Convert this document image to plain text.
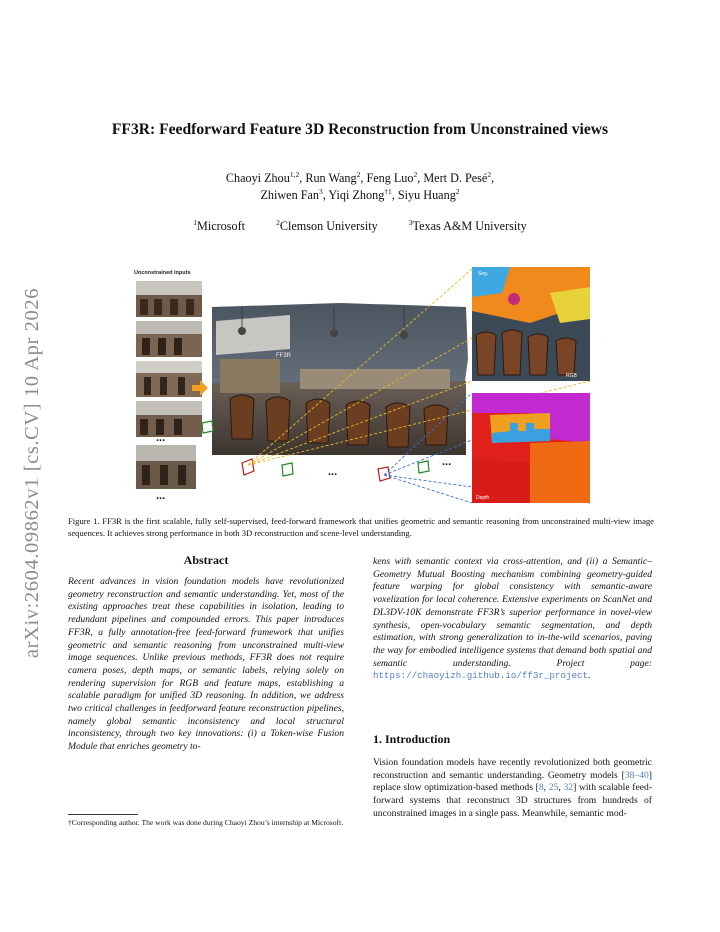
arXiv:2604.09862v1 [cs.CV] 10 Apr 2026
FF3R: Feedforward Feature 3D Reconstruction from Unconstrained views
Chaoyi Zhou$^{1,2}$, Run Wang$^2$, Feng Luo$^2$, Mert D. Pesé$^2$,
Zhiwen Fan$^3$, Yiqi Zhong$^{\dagger 1}$, Siyu Huang$^2$
$^1$Microsoft	$^2$Clemson University	$^3$Texas A&M University
Unconstrained inputs
...
...
FF3R
...
...
Seg.
RGB
Depth
Figure 1. FF3R is the first scalable, fully self-supervised, feed-forward framework that unifies geometric and semantic reasoning from unconstrained multi-view image sequences. It achieves strong performance in both 3D reconstruction and scene-level understanding.
Abstract

Recent advances in vision foundation models have revolutionized geometry reconstruction and semantic understanding. Yet, most of the existing approaches treat these capabilities in isolation, leading to redundant pipelines and compounded errors. This paper introduces FF3R, a fully annotation-free feed-forward framework that unifies geometric and semantic reasoning from unconstrained multi-view image sequences. Unlike previous methods, FF3R does not require camera poses, depth maps, or semantic labels, relying solely on rendering supervision for RGB and feature maps, establishing a scalable paradigm for unified 3D reasoning. In addition, we address two critical challenges in feedforward feature reconstruction pipelines, namely global semantic inconsistency and local structural inconsistency, through two key innovations: (i) a Token-wise Fusion Module that enriches geometry to-

kens with semantic context via cross-attention, and (ii) a Semantic–Geometry Mutual Boosting mechanism combining geometry-guided feature warping for global consistency with semantic-aware voxelization for local coherence. Extensive experiments on ScanNet and DL3DV-10K demonstrate FF3R’s superior performance in novel-view synthesis, open-vocabulary semantic segmentation, and depth estimation, with strong generalization to in-the-wild scenarios, paving the way for embodied intelligence systems that demand both spatial and semantic understanding. Project page: https://chaoyizh.github.io/ff3r_project.

1. Introduction

Vision foundation models have recently revolutionized both geometric reconstruction and semantic understanding. Geometry models [38–40] replace slow optimization-based methods [8, 25, 32] with scalable feed-forward systems that reconstruct 3D structures from hundreds of unconstrained images in a single pass. Meanwhile, semantic mod-

†Corresponding author. The work was done during Chaoyi Zhou’s internship at Microsoft.
